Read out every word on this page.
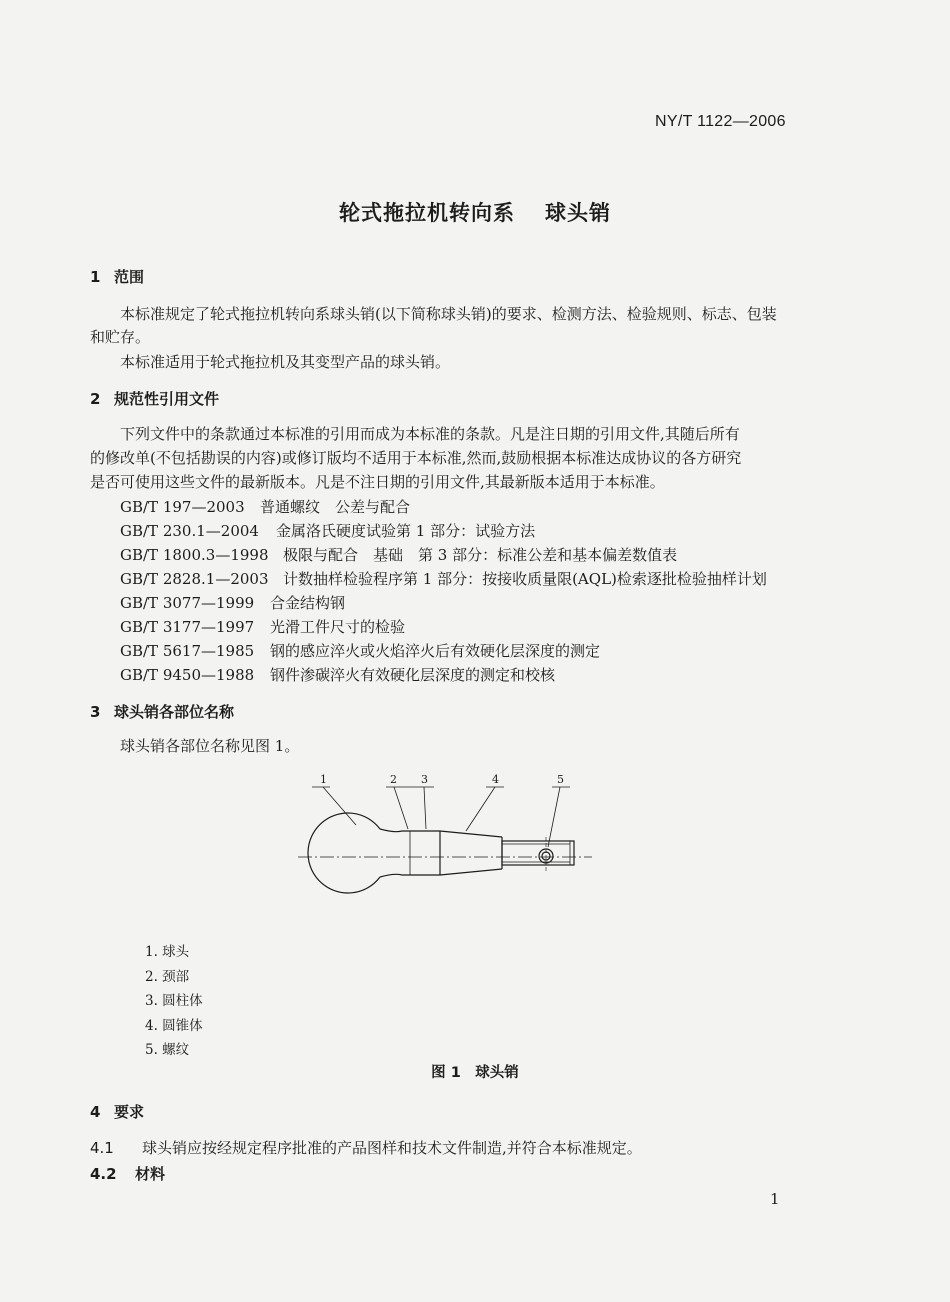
NY/T 1122—2006
轮式拖拉机转向系 球头销
1 范围
本标准规定了轮式拖拉机转向系球头销(以下简称球头销)的要求、检测方法、检验规则、标志、包装
和贮存。
本标准适用于轮式拖拉机及其变型产品的球头销。
2 规范性引用文件
下列文件中的条款通过本标准的引用而成为本标准的条款。凡是注日期的引用文件,其随后所有
的修改单(不包括勘误的内容)或修订版均不适用于本标准,然而,鼓励根据本标准达成协议的各方研究
是否可使用这些文件的最新版本。凡是不注日期的引用文件,其最新版本适用于本标准。
GB/T 197—2003 普通螺纹　公差与配合
GB/T 230.1—2004 金属洛氏硬度试验第 1 部分：试验方法
GB/T 1800.3—1998 极限与配合　基础　第 3 部分：标准公差和基本偏差数值表
GB/T 2828.1—2003 计数抽样检验程序第 1 部分：按接收质量限(AQL)检索逐批检验抽样计划
GB/T 3077—1999 合金结构钢
GB/T 3177—1997 光滑工件尺寸的检验
GB/T 5617—1985 钢的感应淬火或火焰淬火后有效硬化层深度的测定
GB/T 9450—1988 钢件渗碳淬火有效硬化层深度的测定和校核
3 球头销各部位名称
球头销各部位名称见图 1。
1	2 3	4	5
1. 球头
2. 颈部
3. 圆柱体
4. 圆锥体
5. 螺纹
图 1　球头销
4 要求
4.1 球头销应按经规定程序批准的产品图样和技术文件制造,并符合本标准规定。
4.2 材料
1
